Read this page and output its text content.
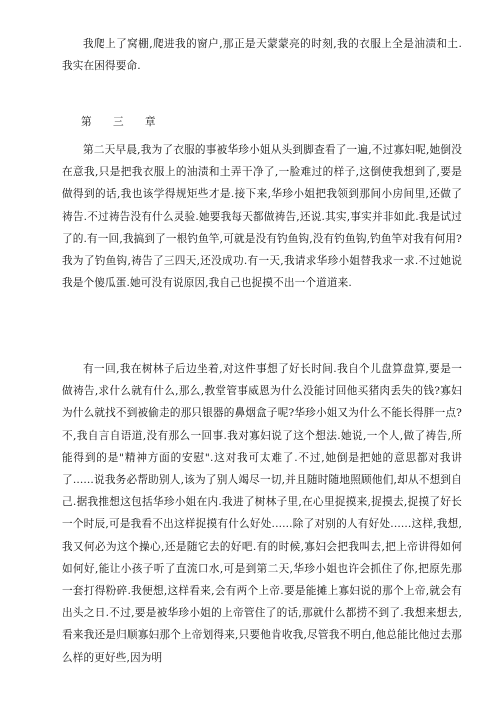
我爬上了窝棚,爬进我的窗户,那正是天蒙蒙亮的时刻,我的衣服上全是油渍和土.我实在困得要命.

第 三 章

第二天早晨,我为了衣服的事被华珍小姐从头到脚查看了一遍,不过寡妇呢,她倒没在意我,只是把我衣服上的油渍和土弄干净了,一脸难过的样子,这倒使我想到了,要是做得到的话,我也该学得规矩些才是.接下来,华珍小姐把我领到那间小房间里,还做了祷告.不过祷告没有什么灵验.她要我每天都做祷告,还说.其实,事实并非如此.我是试过了的.有一回,我搞到了一根钓鱼竿,可就是没有钓鱼钩,没有钓鱼钩,钓鱼竿对我有何用?我为了钓鱼钩,祷告了三四天,还没成功.有一天,我请求华珍小姐替我求一求.不过她说我是个傻瓜蛋.她可没有说原因,我自己也捉摸不出一个道道来.

有一回,我在树林子后边坐着,对这件事想了好长时间.我自个儿盘算盘算,要是一做祷告,求什么就有什么,那么,教堂管事威恩为什么没能讨回他买猪肉丢失的钱?寡妇为什么就找不到被偷走的那只银器的鼻烟盒子呢?华珍小姐又为什么不能长得胖一点?不,我自言自语道,没有那么一回事.我对寡妇说了这个想法.她说,一个人,做了祷告,所能得到的是"精神方面的安慰".这对我可太难了.不过,她倒是把她的意思都对我讲了......说我务必帮助别人,该为了别人竭尽一切,并且随时随地照顾他们,却从不想到自己.据我推想这包括华珍小姐在内.我进了树林子里,在心里捉摸来,捉摸去,捉摸了好长一个时辰,可是我看不出这样捉摸有什么好处......除了对别的人有好处......这样,我想,我又何必为这个操心,还是随它去的好吧.有的时候,寡妇会把我叫去,把上帝讲得如何如何好,能让小孩子听了直流口水,可是到第二天,华珍小姐也许会抓住了你,把原先那一套打得粉碎.我便想,这样看来,会有两个上帝.要是能摊上寡妇说的那个上帝,就会有出头之日.不过,要是被华珍小姐的上帝管住了的话,那就什么都捞不到了.我想来想去,看来我还是归顺寡妇那个上帝划得来,只要他肯收我,尽管我不明白,他总能比他过去那么样的更好些,因为明
